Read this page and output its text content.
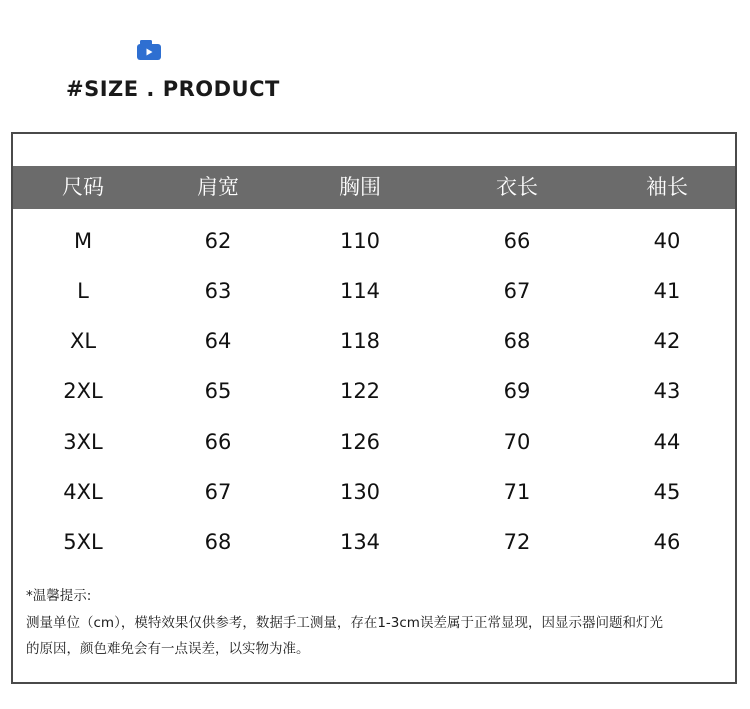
#SIZE . PRODUCT
尺码	肩宽	胸围	衣长	袖长
M	62	110	66	40
L	63	114	67	41
XL	64	118	68	42
2XL	65	122	69	43
3XL	66	126	70	44
4XL	67	130	71	45
5XL	68	134	72	46
*温馨提示:
测量单位（cm），模特效果仅供参考，数据手工测量，存在1-3cm误差属于正常显现，因显示器问题和灯光
的原因，颜色难免会有一点误差，以实物为准。
